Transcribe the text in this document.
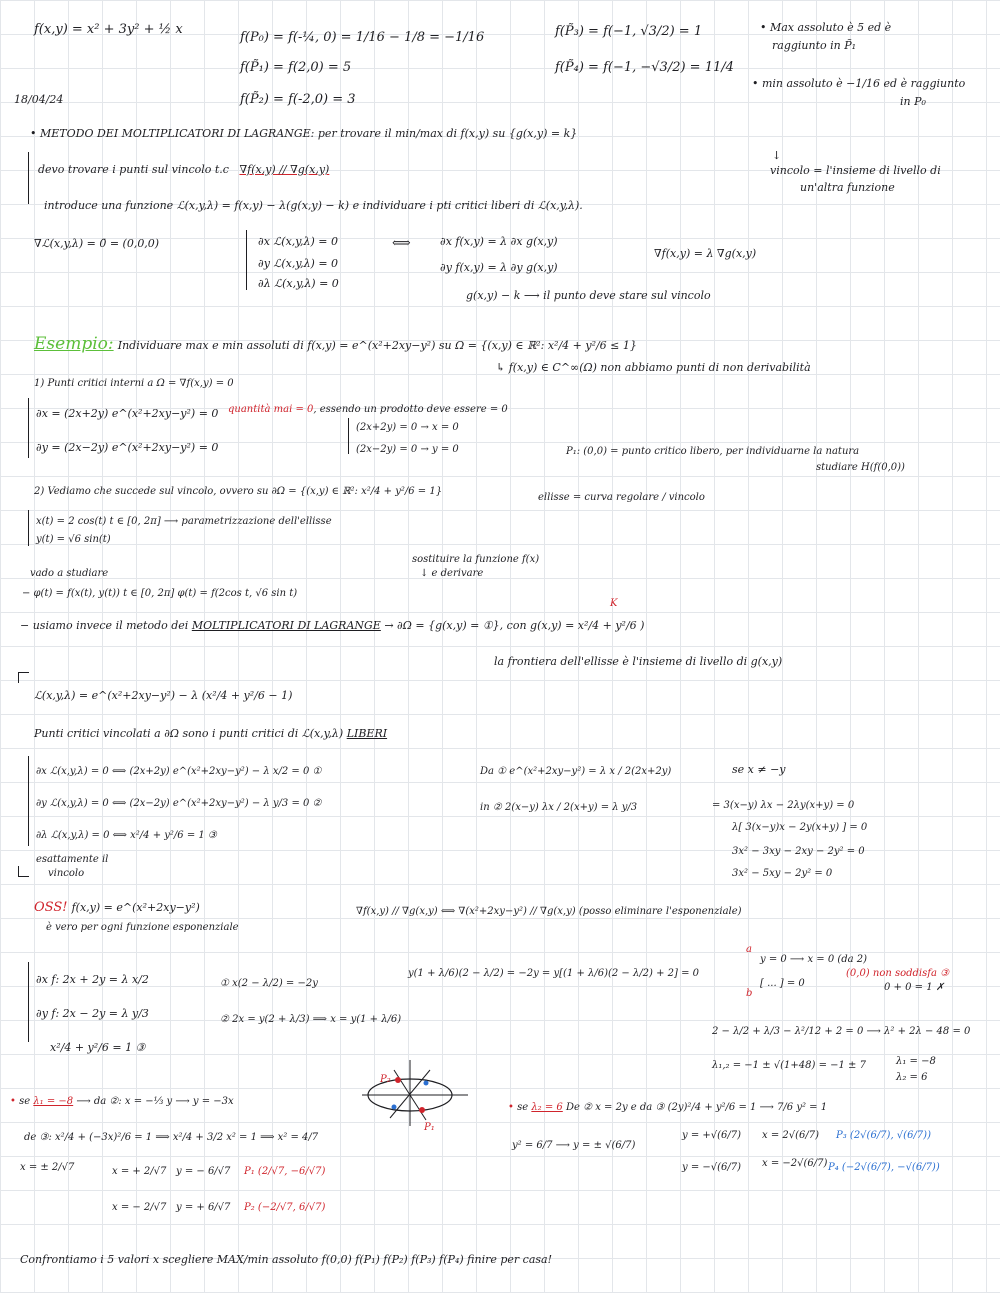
f(x,y) = x² + 3y² + ½ x
f(P₀) = f(-¼, 0) = 1/16 − 1/8 = −1/16
f(P̃₁) = f(2,0) = 5
f(P̃₂) = f(-2,0) = 3
f(P̃₃) = f(−1, √3/2) = 1
f(P̃₄) = f(−1, −√3/2) = 11/4
• Max assoluto è 5 ed è
raggiunto in P̃₁
• min assoluto è −1/16 ed è raggiunto
in P₀
18/04/24
• METODO DEI MOLTIPLICATORI DI LAGRANGE: per trovare il min/max di f(x,y) su {g(x,y) = k}
↓
vincolo = l'insieme di livello di
un'altra funzione
devo trovare i punti sul vincolo t.c ∇f(x,y) // ∇g(x,y)
introduce una funzione ℒ(x,y,λ) = f(x,y) − λ(g(x,y) − k) e individuare i pti critici liberi di ℒ(x,y,λ).
∇ℒ(x,y,λ) = 0̄ = (0,0,0)	∂x ℒ(x,y,λ) = 0
∂y ℒ(x,y,λ) = 0
∂λ ℒ(x,y,λ) = 0
⟺	∂x f(x,y) = λ ∂x g(x,y)
∂y f(x,y) = λ ∂y g(x,y)
∇f(x,y) = λ ∇g(x,y)
g(x,y) − k ⟶ il punto deve stare sul vincolo
Esempio: Individuare max e min assoluti di f(x,y) = e^(x²+2xy−y²) su Ω = {(x,y) ∈ ℝ²: x²/4 + y²/6 ≤ 1}
↳ f(x,y) ∈ C^∞(Ω) non abbiamo punti di non derivabilità
1) Punti critici interni a Ω = ∇f(x,y) = 0
∂x = (2x+2y) e^(x²+2xy−y²) = 0
∂y = (2x−2y) e^(x²+2xy−y²) = 0
quantità mai = 0, essendo un prodotto deve essere = 0
(2x+2y) = 0 → x = 0
(2x−2y) = 0 → y = 0	P₁: (0,0) = punto critico libero, per individuarne la natura
studiare H(f(0,0))
2) Vediamo che succede sul vincolo, ovvero su ∂Ω = {(x,y) ∈ ℝ²: x²/4 + y²/6 = 1}
ellisse = curva regolare / vincolo
x(t) = 2 cos(t) t ∈ [0, 2π] ⟶ parametrizzazione dell'ellisse
y(t) = √6 sin(t)
sostituire la funzione f(x)
↓ e derivare
vado a studiare
− φ(t) = f(x(t), y(t)) t ∈ [0, 2π] φ(t) = f(2cos t, √6 sin t)
K
− usiamo invece il metodo dei MOLTIPLICATORI DI LAGRANGE → ∂Ω = {g(x,y) = ①}, con g(x,y) = x²/4 + y²/6 )
la frontiera dell'ellisse è l'insieme di livello di g(x,y)
ℒ(x,y,λ) = e^(x²+2xy−y²) − λ (x²/4 + y²/6 − 1)
Punti critici vincolati a ∂Ω sono i punti critici di ℒ(x,y,λ) LIBERI
∂x ℒ(x,y,λ) = 0 ⟺ (2x+2y) e^(x²+2xy−y²) − λ x/2 = 0 ①
∂y ℒ(x,y,λ) = 0 ⟺ (2x−2y) e^(x²+2xy−y²) − λ y/3 = 0 ②
∂λ ℒ(x,y,λ) = 0 ⟺ x²/4 + y²/6 = 1 ③
esattamente il
vincolo
Da ① e^(x²+2xy−y²) = λ x / 2(2x+2y)	se x ≠ −y
in ② 2(x−y) λx / 2(x+y) = λ y/3	= 3(x−y) λx − 2λy(x+y) = 0
λ[ 3(x−y)x − 2y(x+y) ] = 0
3x² − 3xy − 2xy − 2y² = 0
3x² − 5xy − 2y² = 0
OSS! f(x,y) = e^(x²+2xy−y²)	∇f(x,y) // ∇g(x,y) ⟺ ∇(x²+2xy−y²) // ∇g(x,y) (posso eliminare l'esponenziale)
è vero per ogni funzione esponenziale
∂x f: 2x + 2y = λ x/2
∂y f: 2x − 2y = λ y/3
x²/4 + y²/6 = 1 ③
① x(2 − λ/2) = −2y
② 2x = y(2 + λ/3) ⟹ x = y(1 + λ/6)
y(1 + λ/6)(2 − λ/2) = −2y = y[(1 + λ/6)(2 − λ/2) + 2] = 0
a
b
y = 0 ⟶ x = 0 (da 2)
(0,0) non soddisfa ③
0 + 0 = 1 ✗
[ ... ] = 0
2 − λ/2 + λ/3 − λ²/12 + 2 = 0 ⟶ λ² + 2λ − 48 = 0
λ₁,₂ = −1 ± √(1+48) = −1 ± 7	λ₁ = −8
λ₂ = 6
P₂
P₁
• se λ₁ = −8 ⟶ da ②: x = −⅓ y ⟶ y = −3x
de ③: x²/4 + (−3x)²/6 = 1 ⟹ x²/4 + 3/2 x² = 1 ⟹ x² = 4/7
x = ± 2/√7	x = + 2/√7 y = − 6/√7 P₁ (2/√7, −6/√7)
x = − 2/√7 y = + 6/√7 P₂ (−2/√7, 6/√7)
• se λ₂ = 6 De ② x = 2y e da ③ (2y)²/4 + y²/6 = 1 ⟶ 7/6 y² = 1
y² = 6/7 ⟶ y = ± √(6/7)
y = +√(6/7) x = 2√(6/7) P₃ (2√(6/7), √(6/7))
y = −√(6/7) x = −2√(6/7) P₄ (−2√(6/7), −√(6/7))
Confrontiamo i 5 valori x scegliere MAX/min assoluto f(0,0) f(P₁) f(P₂) f(P₃) f(P₄) finire per casa!
